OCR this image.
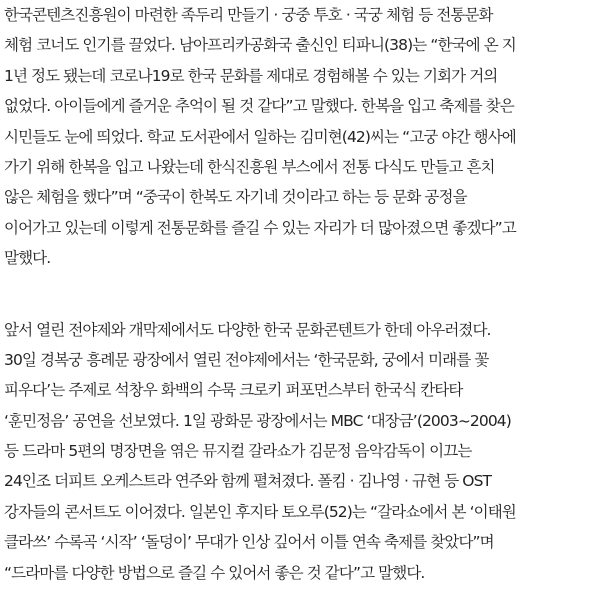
한국콘텐츠진흥원이 마련한 족두리 만들기 · 궁중 투호 · 국궁 체험 등 전통문화
체험 코너도 인기를 끌었다. 남아프리카공화국 출신인 티파니(38)는 “한국에 온 지
1년 정도 됐는데 코로나19로 한국 문화를 제대로 경험해볼 수 있는 기회가 거의
없었다. 아이들에게 즐거운 추억이 될 것 같다”고 말했다. 한복을 입고 축제를 찾은
시민들도 눈에 띄었다. 학교 도서관에서 일하는 김미현(42)씨는 “고궁 야간 행사에
가기 위해 한복을 입고 나왔는데 한식진흥원 부스에서 전통 다식도 만들고 흔치
않은 체험을 했다”며 “중국이 한복도 자기네 것이라고 하는 등 문화 공정을
이어가고 있는데 이렇게 전통문화를 즐길 수 있는 자리가 더 많아졌으면 좋겠다”고
말했다.

앞서 열린 전야제와 개막제에서도 다양한 한국 문화콘텐트가 한데 아우러졌다.
30일 경복궁 흥례문 광장에서 열린 전야제에서는 ‘한국문화, 궁에서 미래를 꽃
피우다’는 주제로 석창우 화백의 수묵 크로키 퍼포먼스부터 한국식 칸타타
‘훈민정음’ 공연을 선보였다. 1일 광화문 광장에서는 MBC ‘대장금’(2003~2004)
등 드라마 5편의 명장면을 엮은 뮤지컬 갈라쇼가 김문정 음악감독이 이끄는
24인조 더피트 오케스트라 연주와 함께 펼쳐졌다. 폴킴 · 김나영 · 규현 등 OST
강자들의 콘서트도 이어졌다. 일본인 후지타 토오루(52)는 “갈라쇼에서 본 ‘이태원
클라쓰’ 수록곡 ‘시작’ ‘돌덩이’ 무대가 인상 깊어서 이틀 연속 축제를 찾았다”며
“드라마를 다양한 방법으로 즐길 수 있어서 좋은 것 같다”고 말했다.
